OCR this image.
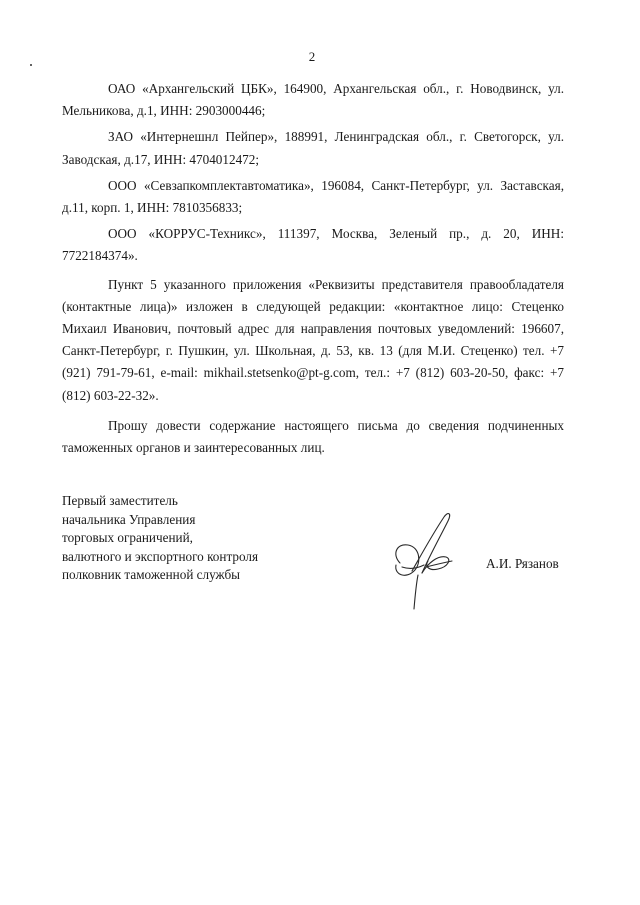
2

ОАО «Архангельский ЦБК», 164900, Архангельская обл., г. Новодвинск, ул. Мельникова, д.1, ИНН: 2903000446;

ЗАО «Интернешнл Пейпер», 188991, Ленинградская обл., г. Светогорск, ул. Заводская, д.17, ИНН: 4704012472;

ООО «Севзапкомплектавтоматика», 196084, Санкт-Петербург, ул. Заставская, д.11, корп. 1, ИНН: 7810356833;

ООО «КОРРУС-Техникс», 111397, Москва, Зеленый пр., д. 20, ИНН: 7722184374».

Пункт 5 указанного приложения «Реквизиты представителя правообладателя (контактные лица)» изложен в следующей редакции: «контактное лицо: Стеценко Михаил Иванович, почтовый адрес для направления почтовых уведомлений: 196607, Санкт-Петербург, г. Пушкин, ул. Школьная, д. 53, кв. 13 (для М.И. Стеценко) тел. +7 (921) 791-79-61, e-mail: mikhail.stetsenko@pt-g.com, тел.: +7 (812) 603-20-50, факс: +7 (812) 603-22-32».

Прошу довести содержание настоящего письма до сведения подчиненных таможенных органов и заинтересованных лиц.

Первый заместитель
начальника Управления
торговых ограничений,
валютного и экспортного контроля
полковник таможенной службы
А.И. Рязанов
